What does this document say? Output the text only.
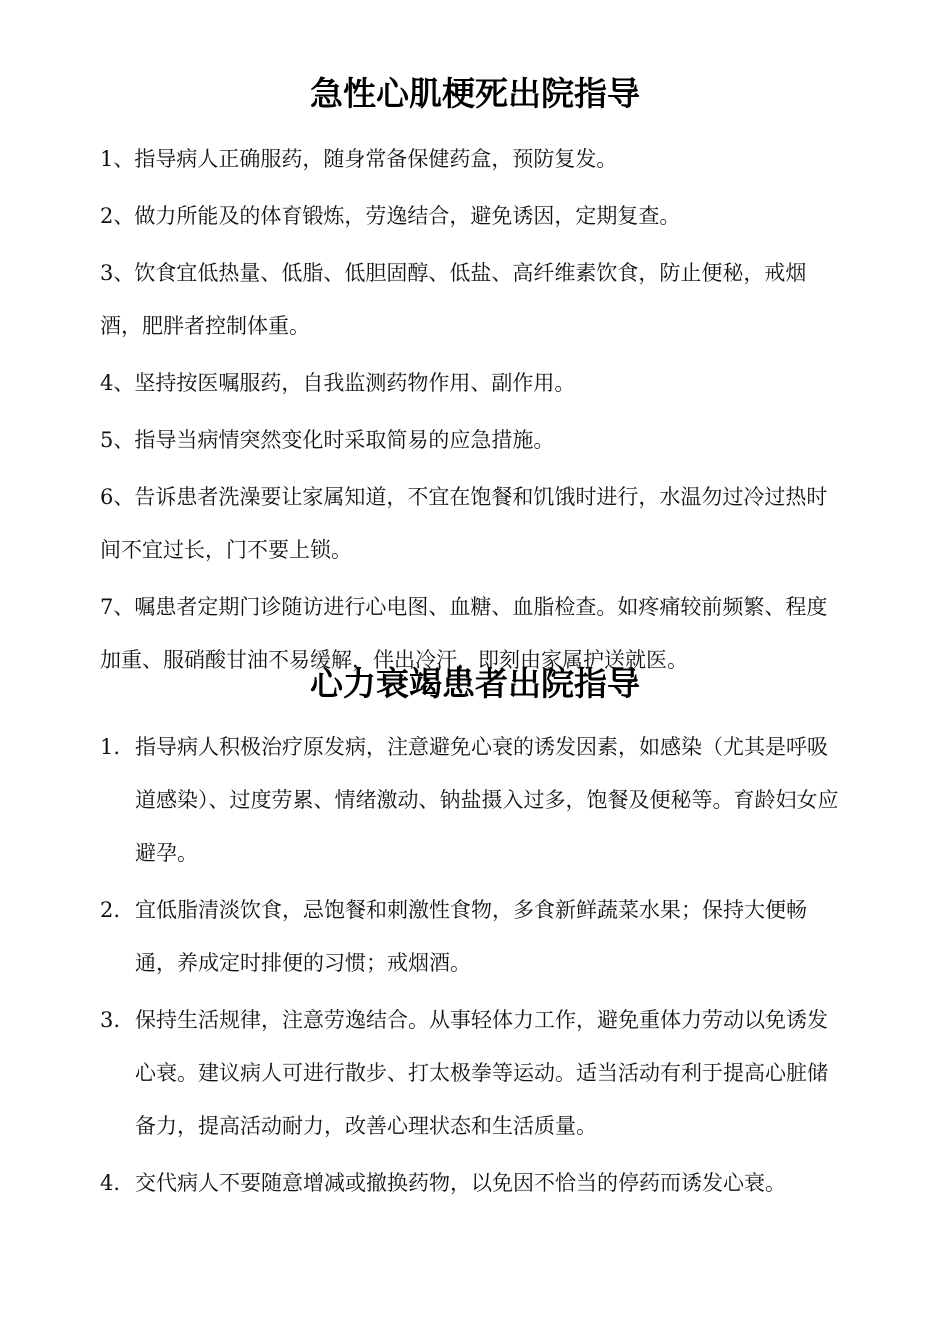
急性心肌梗死出院指导

1、指导病人正确服药，随身常备保健药盒，预防复发。

2、做力所能及的体育锻炼，劳逸结合，避免诱因，定期复查。

3、饮食宜低热量、低脂、低胆固醇、低盐、高纤维素饮食，防止便秘，戒烟酒，肥胖者控制体重。

4、坚持按医嘱服药，自我监测药物作用、副作用。

5、指导当病情突然变化时采取简易的应急措施。

6、告诉患者洗澡要让家属知道，不宜在饱餐和饥饿时进行，水温勿过冷过热时间不宜过长，门不要上锁。

7、嘱患者定期门诊随访进行心电图、血糖、血脂检查。如疼痛较前频繁、程度加重、服硝酸甘油不易缓解，伴出冷汗，即刻由家属护送就医。

心力衰竭患者出院指导
1. 指导病人积极治疗原发病，注意避免心衰的诱发因素，如感染（尤其是呼吸道感染）、过度劳累、情绪激动、钠盐摄入过多，饱餐及便秘等。育龄妇女应避孕。
2. 宜低脂清淡饮食，忌饱餐和刺激性食物，多食新鲜蔬菜水果；保持大便畅通，养成定时排便的习惯；戒烟酒。
3. 保持生活规律，注意劳逸结合。从事轻体力工作，避免重体力劳动以免诱发心衰。建议病人可进行散步、打太极拳等运动。适当活动有利于提高心脏储备力，提高活动耐力，改善心理状态和生活质量。
4. 交代病人不要随意增减或撤换药物，以免因不恰当的停药而诱发心衰。
